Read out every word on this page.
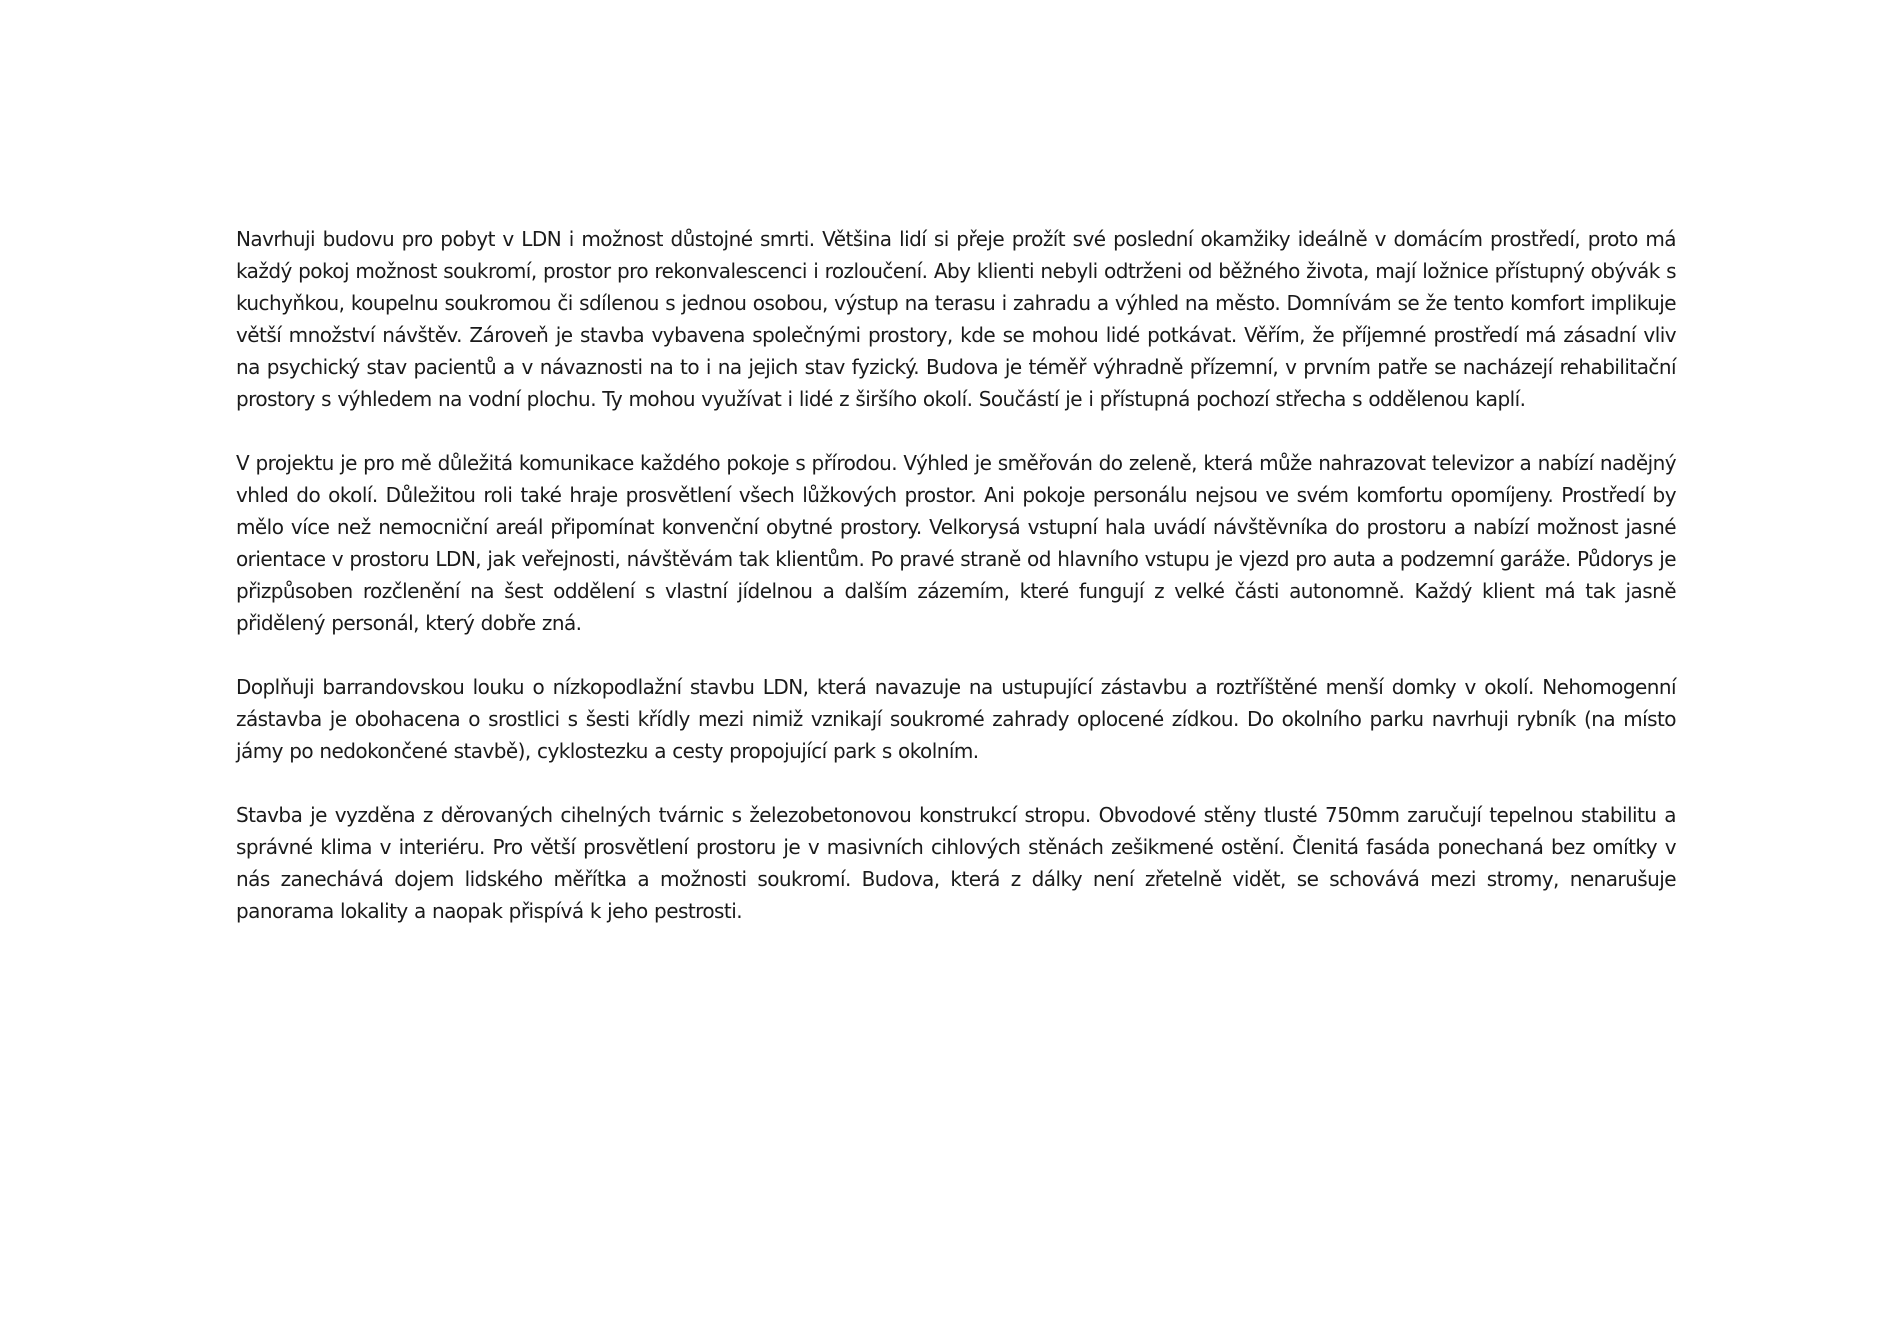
Navrhuji budovu pro pobyt v LDN i možnost důstojné smrti. Většina lidí si přeje prožít své poslední okamžiky ideálně v domácím prostředí, proto má každý pokoj možnost soukromí, prostor pro rekonvalescenci i rozloučení. Aby klienti nebyli odtrženi od běžného života, mají ložnice přístupný obývák s kuchyňkou, koupelnu soukromou či sdílenou s jednou osobou, výstup na terasu i zahradu a výhled na město. Domnívám se že tento komfort implikuje větší množství návštěv. Zároveň je stavba vybavena společnými prostory, kde se mohou lidé potkávat. Věřím, že příjemné prostředí má zásadní vliv na psychický stav pacientů a v návaznosti na to i na jejich stav fyzický. Budova je téměř výhradně přízemní, v prvním patře se nacházejí rehabilitační prostory s výhledem na vodní plochu. Ty mohou využívat i lidé z širšího okolí. Součástí je i přístupná pochozí střecha s oddělenou kaplí.

V projektu je pro mě důležitá komunikace každého pokoje s přírodou. Výhled je směřován do zeleně, která může nahrazovat televizor a nabízí nadějný vhled do okolí. Důležitou roli také hraje prosvětlení všech lůžkových prostor. Ani pokoje personálu nejsou ve svém komfortu opomíjeny. Prostředí by mělo více než nemocniční areál připomínat konvenční obytné prostory. Velkorysá vstupní hala uvádí návštěvníka do prostoru a nabízí možnost jasné orientace v prostoru LDN, jak veřejnosti, návštěvám tak klientům. Po pravé straně od hlavního vstupu je vjezd pro auta a podzemní garáže. Půdorys je přizpůsoben rozčlenění na šest oddělení s vlastní jídelnou a dalším zázemím, které fungují z velké části autonomně. Každý klient má tak jasně přidělený personál, který dobře zná.

Doplňuji barrandovskou louku o nízkopodlažní stavbu LDN, která navazuje na ustupující zástavbu a roztříštěné menší domky v okolí. Nehomogenní zástavba je obohacena o srostlici s šesti křídly mezi nimiž vznikají soukromé zahrady oplocené zídkou. Do okolního parku navrhuji rybník (na místo jámy po nedokončené stavbě), cyklostezku a cesty propojující park s okolním.

Stavba je vyzděna z děrovaných cihelných tvárnic s železobetonovou konstrukcí stropu. Obvodové stěny tlusté 750mm zaručují tepelnou stabilitu a správné klima v interiéru. Pro větší prosvětlení prostoru je v masivních cihlových stěnách zešikmené ostění. Členitá fasáda ponechaná bez omítky v nás zanechává dojem lidského měřítka a možnosti soukromí. Budova, která z dálky není zřetelně vidět, se schovává mezi stromy, nenarušuje panorama lokality a naopak přispívá k jeho pestrosti.
